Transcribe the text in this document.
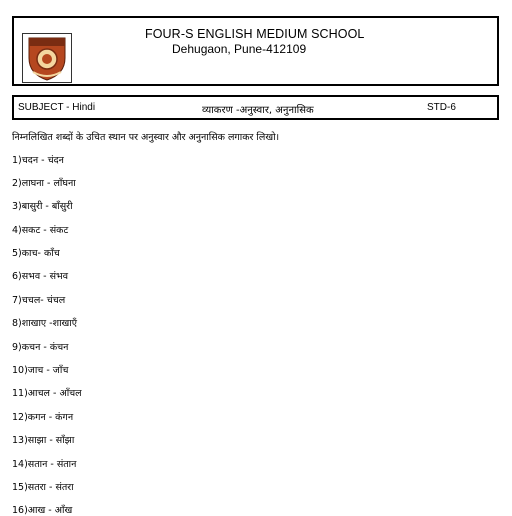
FOUR-S ENGLISH MEDIUM SCHOOL
Dehugaon, Pune-412109
SUBJECT - Hindi	व्याकरण -अनुस्वार, अनुनासिक	STD-6
निम्नलिखित शब्दों के उचित स्थान पर अनुस्वार और अनुनासिक लगाकर लिखो।
1)चदन - चंदन
2)लाघना - लाँघना
3)बासुरी - बाँसुरी
4)सकट - संकट
5)काच- काँच
6)सभव - संभव
7)चचल- चंचल
8)शाखाए -शाखाएँ
9)कचन - कंचन
10)जाच - जाँच
11)आचल - आँचल
12)कगन - कंगन
13)साझा - साँझा
14)सतान - संतान
15)सतरा - संतरा
16)आख - आँख
